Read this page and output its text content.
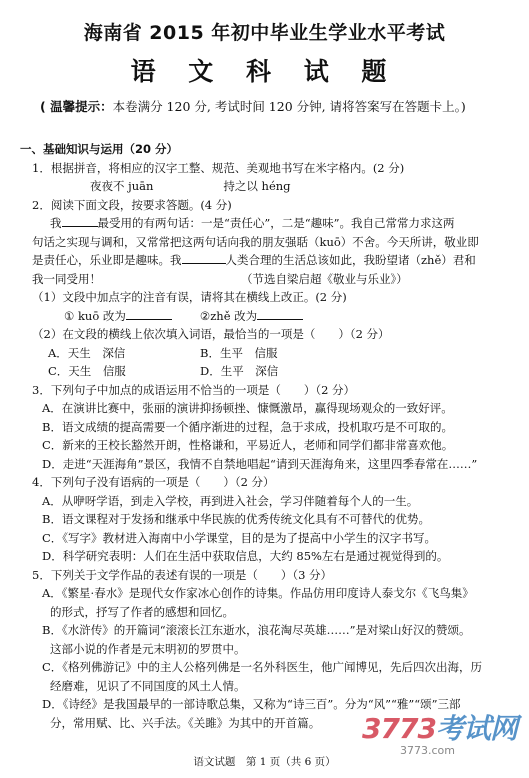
海南省 2015 年初中毕业生学业水平考试
语 文 科 试 题
( 温馨提示：本卷满分 120 分, 考试时间 120 分钟, 请将答案写在答题卡上。)
一、基础知识与运用（20 分）
1．根据拼音，将相应的汉字工整、规范、美观地书写在米字格内。(2 分)
夜夜不 juān	持之以 hénɡ
2．阅读下面文段，按要求答题。(4 分)
我	最受用的有两句话：一是“责任心”，二是“趣味”。我自己常常力求这两
句话之实现与调和，又常常把这两句话向我的朋友强聒（kuō）不舍。今天所讲，敬业即
是责任心，乐业即是趣味。我	人类合理的生活总该如此，我盼望诸（zhě）君和
我一同受用！	（节选自梁启超《敬业与乐业》）
（1）文段中加点字的注音有误，请将其在横线上改正。(2 分)
① kuō 改为	②zhě 改为
（2）在文段的横线上依次填入词语，最恰当的一项是（　　）（2 分）
A．天生　 深信	B．生平　 信服
C．天生　 信服	D．生平　 深信
3．下列句子中加点的成语运用不恰当的一项是（　　）（2 分）
A．在演讲比赛中，张丽的演讲抑扬顿挫、慷慨激昂，赢得现场观众的一致好评。
B．语文成绩的提高需要一个循序渐进的过程，急于求成，投机取巧是不可取的。
C．新来的王校长豁然开朗，性格谦和，平易近人，老师和同学们都非常喜欢他。
D．走进“天涯海角”景区，我情不自禁地唱起“请到天涯海角来，这里四季春常在……”
4．下列句子没有语病的一项是（　　）（2 分）
A．从咿呀学语，到走入学校，再到进入社会，学习伴随着每个人的一生。
B．语文课程对于发扬和继承中华民族的优秀传统文化具有不可替代的优势。
C．《写字》教材进入海南中小学课堂，目的是为了提高中小学生的汉字书写。
D．科学研究表明：人们在生活中获取信息，大约 85%左右是通过视觉得到的。
5．下列关于文学作品的表述有误的一项是（　　）（3 分）
A．《繁星·春水》是现代女作家冰心创作的诗集。作品仿用印度诗人泰戈尔《飞鸟集》
的形式，抒写了作者的感想和回忆。
B．《水浒传》的开篇词“滚滚长江东逝水，浪花淘尽英雄……”是对梁山好汉的赞颂。
这部小说的作者是元末明初的罗贯中。
C．《格列佛游记》中的主人公格列佛是一名外科医生，他广闻博见，先后四次出海，历
经磨难，见识了不同国度的风土人情。
D．《诗经》是我国最早的一部诗歌总集，又称为“诗三百”。分为“风”“雅”“颂”三部
分，常用赋、比、兴手法。《关雎》为其中的开首篇。
语文试题　第 1 页（共 6 页）
3773考试网
3773.com
